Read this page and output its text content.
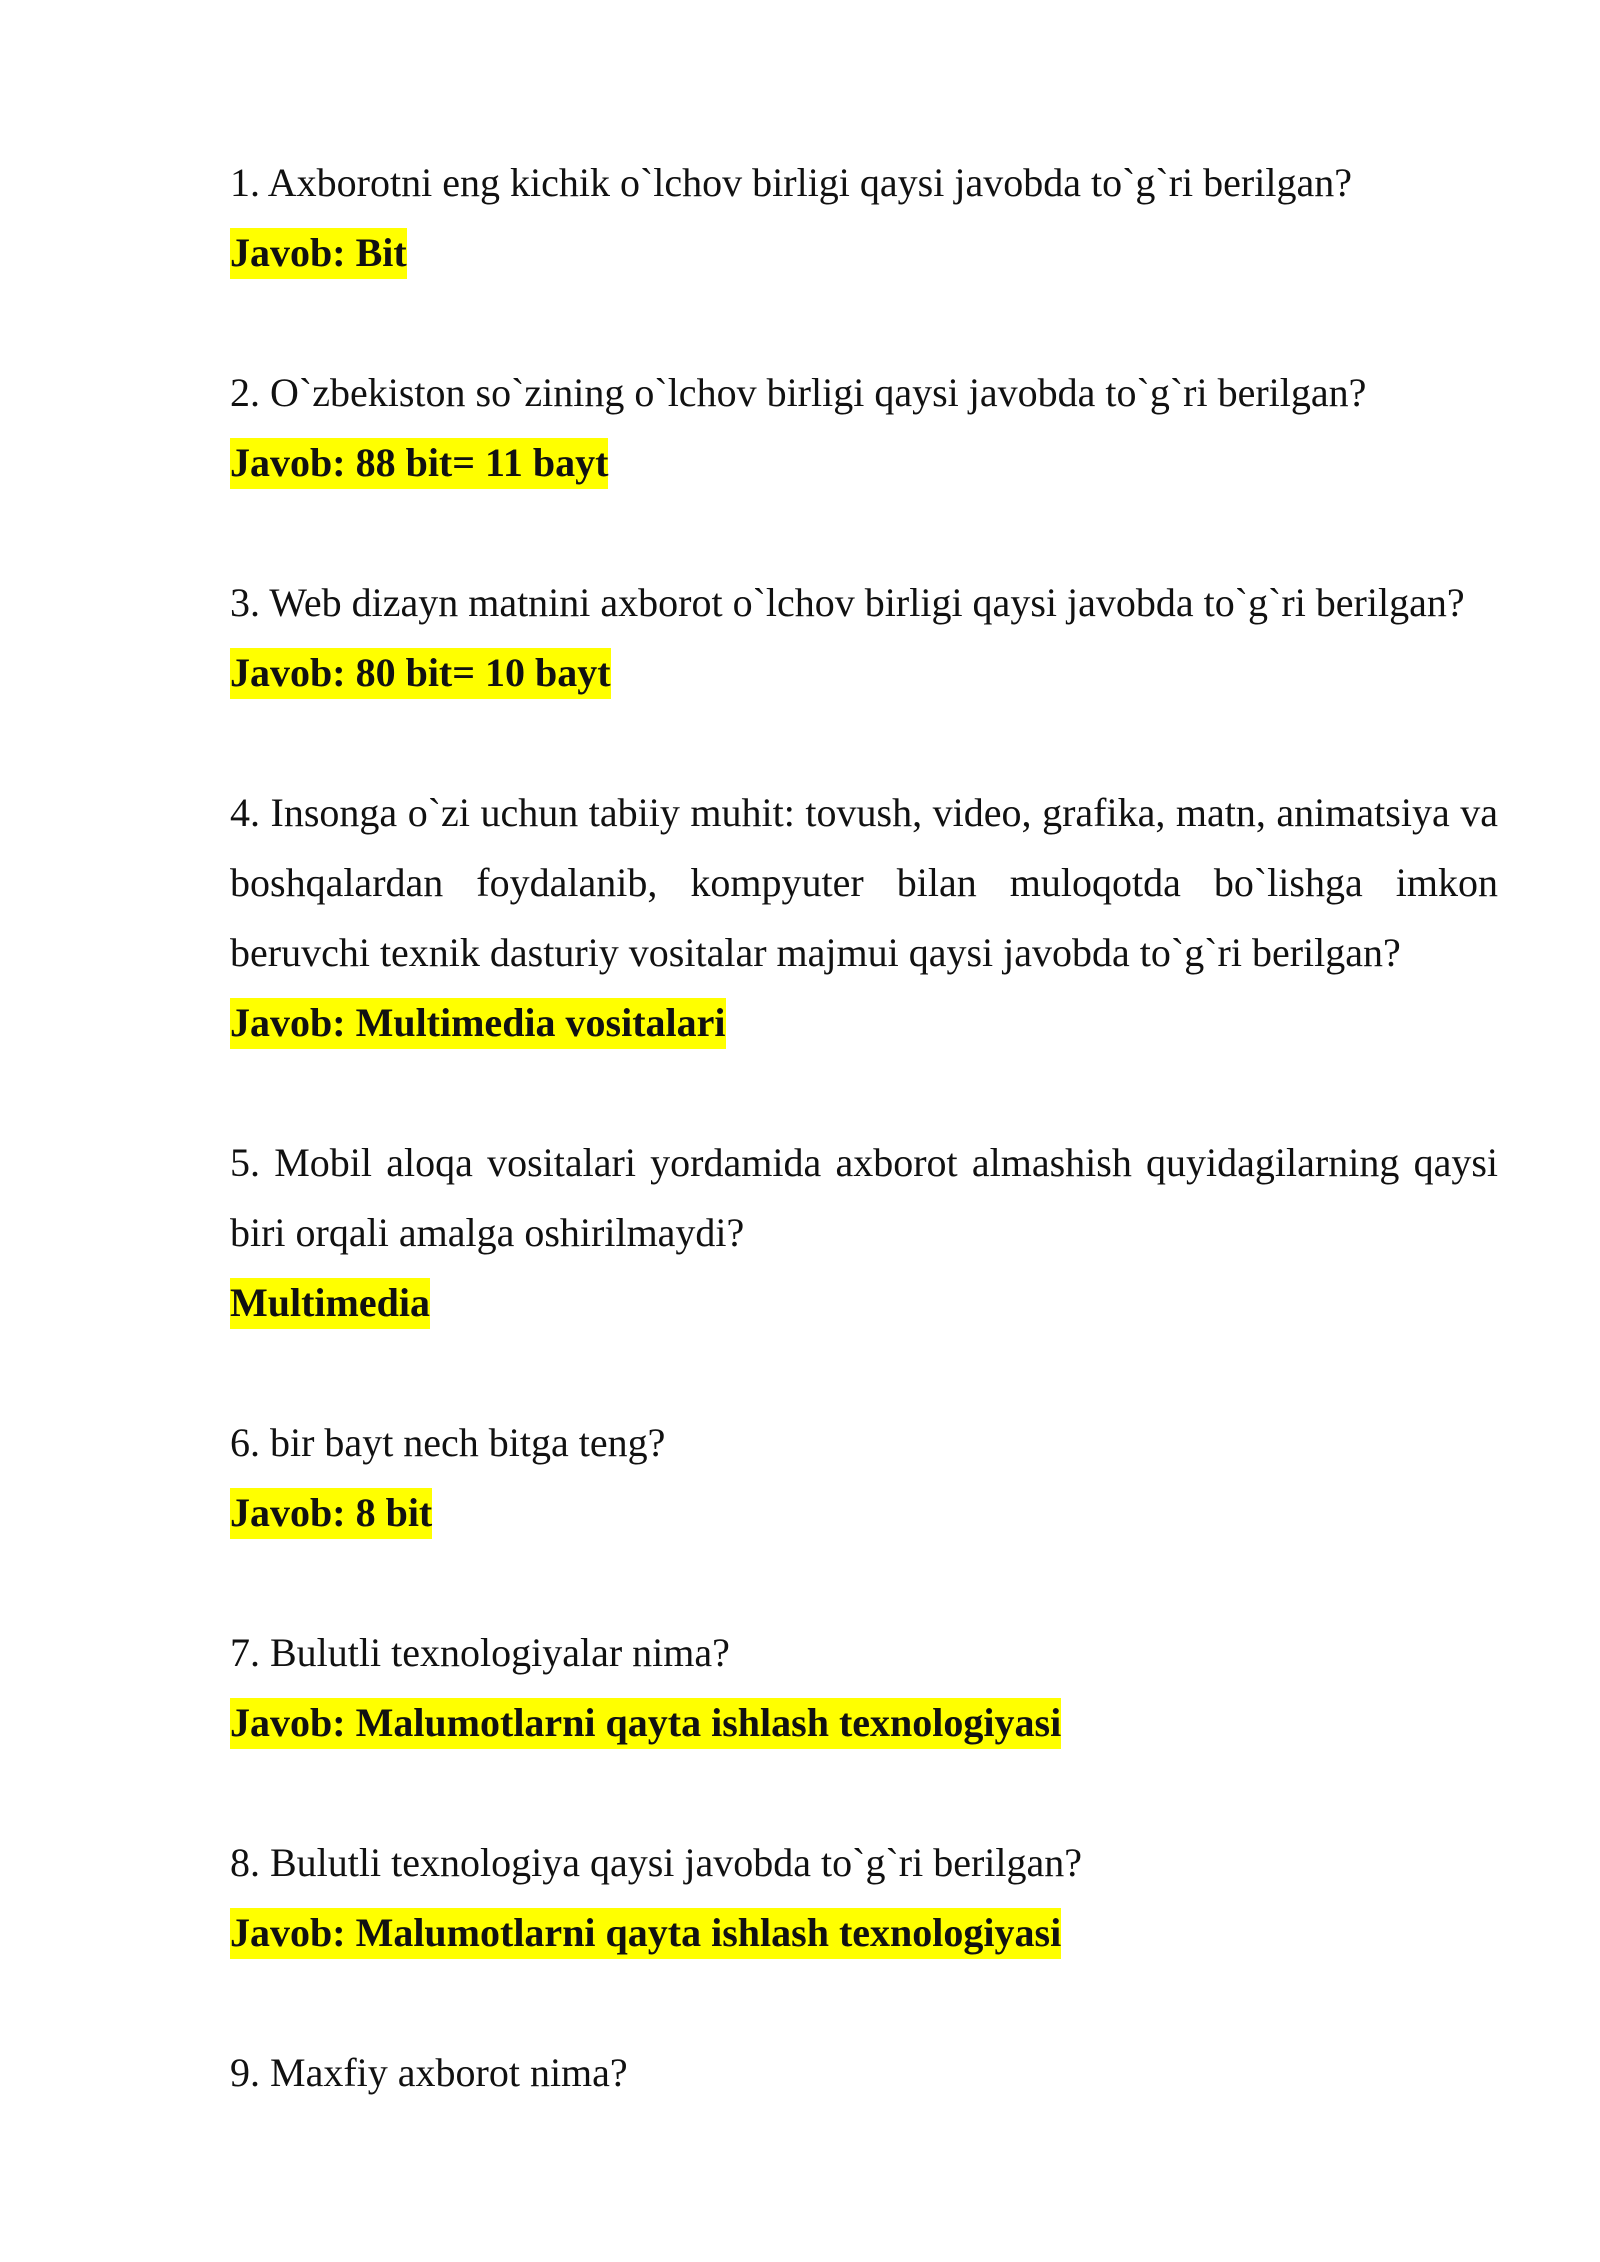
1. Axborotni eng kichik o`lchov birligi qaysi javobda to`g`ri berilgan?

Javob: Bit

2. O`zbekiston so`zining o`lchov birligi qaysi javobda to`g`ri berilgan?

Javob: 88 bit= 11 bayt

3. Web dizayn matnini axborot o`lchov birligi qaysi javobda to`g`ri berilgan?

Javob: 80 bit= 10 bayt

4. Insonga o`zi uchun tabiiy muhit: tovush, video, grafika, matn, animatsiya va boshqalardan foydalanib, kompyuter bilan muloqotda bo`lishga imkon beruvchi texnik dasturiy vositalar majmui qaysi javobda to`g`ri berilgan?

Javob: Multimedia vositalari

5. Mobil aloqa vositalari yordamida axborot almashish quyidagilarning qaysi biri orqali amalga oshirilmaydi?

Multimedia

6. bir bayt nech bitga teng?

Javob: 8 bit

7. Bulutli texnologiyalar nima?

Javob: Malumotlarni qayta ishlash texnologiyasi

8. Bulutli texnologiya qaysi javobda to`g`ri berilgan?

Javob: Malumotlarni qayta ishlash texnologiyasi

9. Maxfiy axborot nima?
